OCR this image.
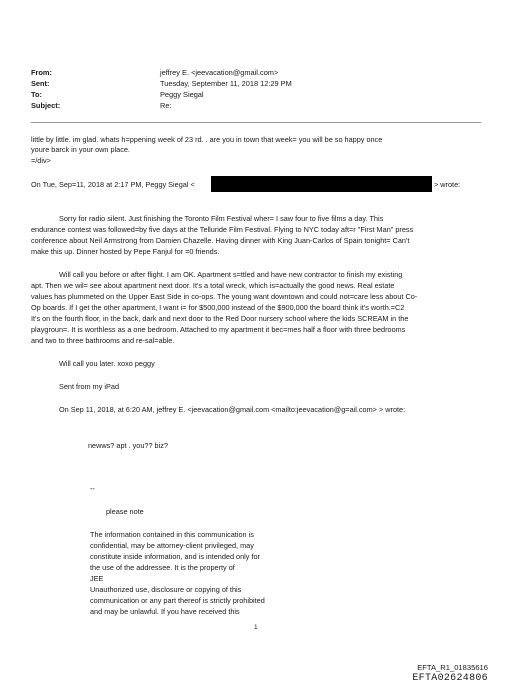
From:
Sent:
To:
Subject:
jeffrey E. <jeevacation@gmail.com>
Tuesday, September 11, 2018 12:29 PM
Peggy Siegal
Re:
little by little. im glad. whats h=ppening week of 23 rd. . are you in town that week= you will be so happy once
youre barck in your own place.
=/div>
On Tue, Sep=11, 2018 at 2:17 PM, Peggy Siegal <	> wrote:
Sorry for radio silent. Just finishing the Toronto Film Festival wher= I saw four to five films a day. This
endurance contest was followed=by five days at the Telluride Film Festival. Flying to NYC today aft=r "First Man" press
conference about Neil Armstrong from Damien Chazelle. Having dinner with King Juan-Carlos of Spain tonight= Can't
make this up. Dinner hosted by Pepe Fanjul for =0 friends.
Will call you before or after flight. I am OK. Apartment s=ttled and have new contractor to finish my existing
apt. Then we wil= see about apartment next door. It's a total wreck, which is=actually the good news. Real estate
values has plummeted on the Upper East Side in co-ops. The young want downtown and could not=care less about Co-
Op boards. If I get the other apartment, I want i= for $500,000 instead of the $900,000 the board think it's worth.=C2
It's on the fourth floor, in the back, dark and next door to the Red Door nursery school where the kids SCREAM in the
playgroun=. It is worthless as a one bedroom. Attached to my apartment it bec=mes half a floor with three bedrooms
and two to three bathrooms and re-sal=able.
Will call you later. xoxo peggy
Sent from my iPad
On Sep 11, 2018, at 6:20 AM, jeffrey E. <jeevacation@gmail.com <mailto:jeevacation@g=ail.com> > wrote:
newws? apt . you?? biz?
--
please note
The information contained in this communication is
confidential, may be attorney-client privileged, may
constitute inside information, and is intended only for
the use of the addressee. It is the property of
JEE
Unauthorized use, disclosure or copying of this
communication or any part thereof is strictly prohibited
and may be unlawful. If you have received this
1
EFTA_R1_01835616
EFTA02624806
